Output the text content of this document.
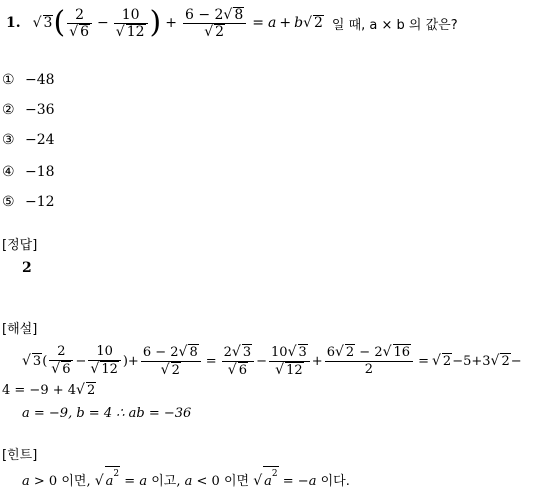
1. √ 3 ( $\frac{2}{√ 6} - \frac{10}{√ 12}$ ) + $\frac{6 - 2√ 8}{√ 2} = a + b$ √ 2 일 때, a × b 의 값은?
① −48
② −36
③ −24
④ −18
⑤ −12
[정답]
2
[해설]
√ 3 ( $\frac{2}{√ 6} - \frac{10}{√ 12}$ )+ $\frac{6 - 2√ 8}{√ 2} = \frac{2√ 3}{√ 6} - \frac{10√ 3}{√ 12} + \frac{6√ 2 - 2√ 16}{2}$ = √ 2 −5+3 √ 2 −
4 = −9 + 4√ 2
a = −9, b = 4 ∴ ab = −36
[힌트]
a > 0 이면, √ $a^2 = a$ 이고, a < 0 이면 √ $a^2 = -a$ 이다.
